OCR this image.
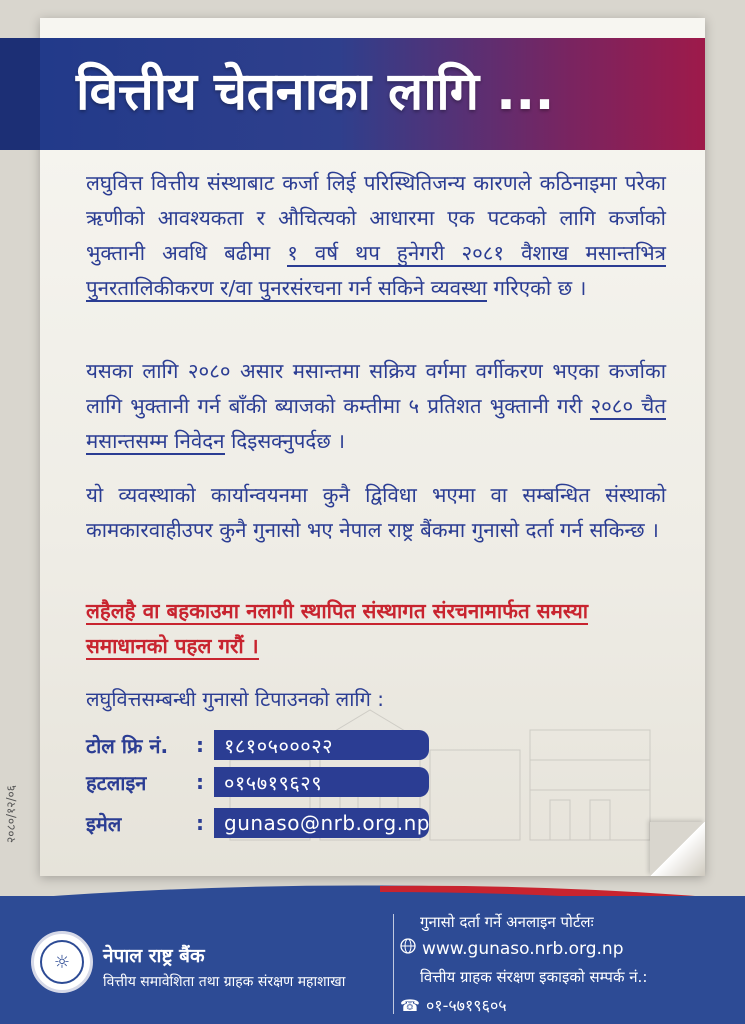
वित्तीय चेतनाका लागि ...
लघुवित्त वित्तीय संस्थाबाट कर्जा लिई परिस्थितिजन्य कारणले कठिनाइमा परेका ऋणीको आवश्यकता र औचित्यको आधारमा एक पटकको लागि कर्जाको भुक्तानी अवधि बढीमा १ वर्ष थप हुनेगरी २०८१ वैशाख मसान्तभित्र पुनरतालिकीकरण र/वा पुनरसंरचना गर्न सकिने व्यवस्था गरिएको छ ।
यसका लागि २०८० असार मसान्तमा सक्रिय वर्गमा वर्गीकरण भएका कर्जाका लागि भुक्तानी गर्न बाँकी ब्याजको कम्तीमा ५ प्रतिशत भुक्तानी गरी २०८० चैत मसान्तसम्म निवेदन दिइसक्नुपर्दछ ।
यो व्यवस्थाको कार्यान्वयनमा कुनै द्विविधा भएमा वा सम्बन्धित संस्थाको कामकारवाहीउपर कुनै गुनासो भए नेपाल राष्ट्र बैंकमा गुनासो दर्ता गर्न सकिन्छ ।
लहैलहै वा बहकाउमा नलागी स्थापित संस्थागत संरचनामार्फत समस्या समाधानको पहल गरौं ।
लघुवित्तसम्बन्धी गुनासो टिपाउनको लागि :
टोल फ्रि नं.	:	१८१०५०००२२
हटलाइन	:	०१५७१९६२९
इमेल	:	gunaso@nrb.org.np
२०८०/१२/०६
☼	नेपाल राष्ट्र बैंक
वित्तीय समावेशिता तथा ग्राहक संरक्षण महाशाखा
गुनासो दर्ता गर्ने अनलाइन पोर्टलः
www.gunaso.nrb.org.np
वित्तीय ग्राहक संरक्षण इकाइको सम्पर्क नं.:
☎ ०१-५७१९६०५
